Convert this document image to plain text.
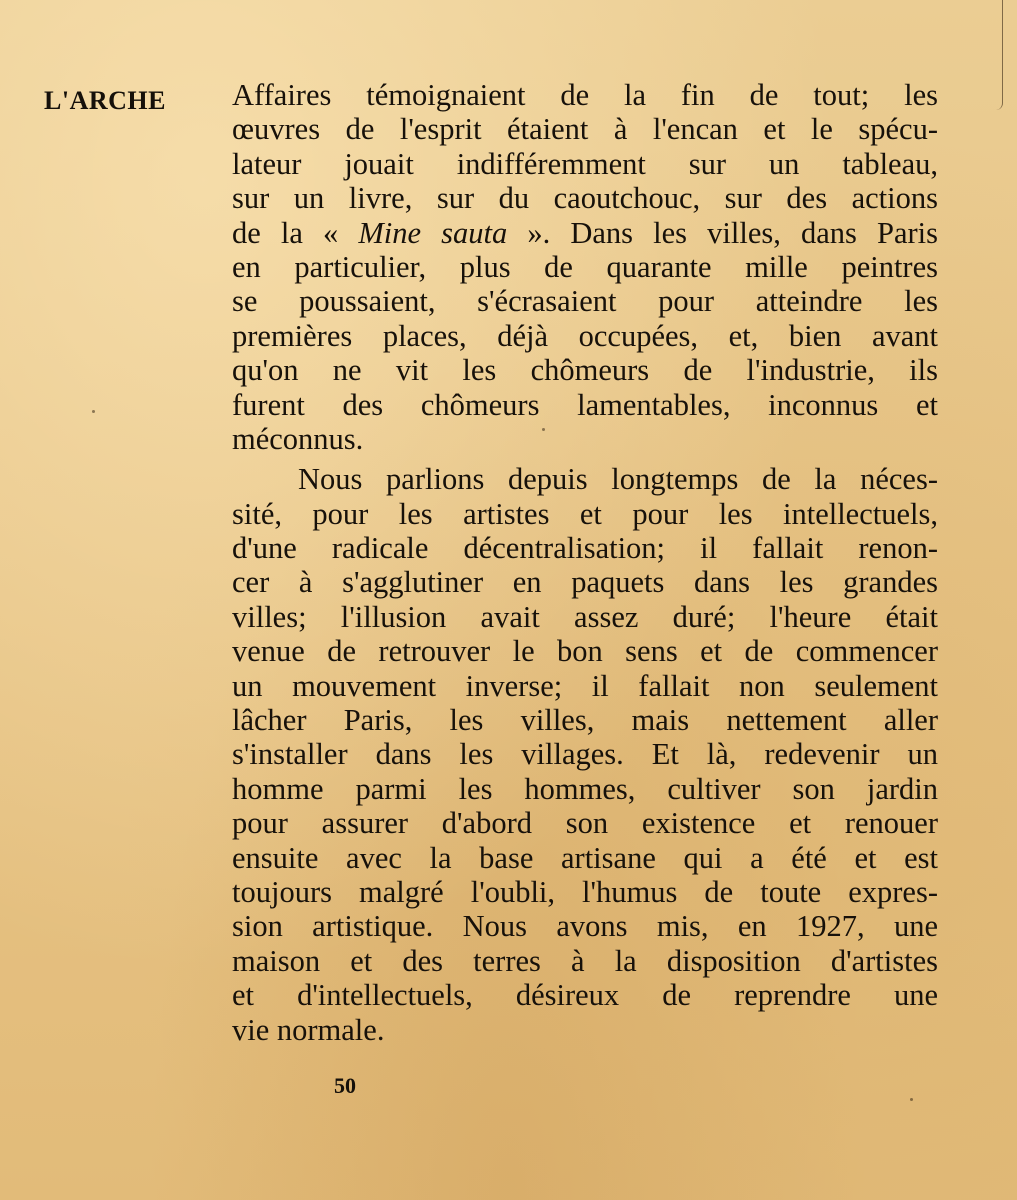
L'ARCHE Affaires témoignaient de la fin de tout; les
œuvres de l'esprit étaient à l'encan et le spécu-
lateur jouait indifféremment sur un tableau,
sur un livre, sur du caoutchouc, sur des actions
de la « Mine sauta ». Dans les villes, dans Paris
en particulier, plus de quarante mille peintres
se poussaient, s'écrasaient pour atteindre les
premières places, déjà occupées, et, bien avant
qu'on ne vit les chômeurs de l'industrie, ils
furent des chômeurs lamentables, inconnus et
méconnus.
Nous parlions depuis longtemps de la néces-
sité, pour les artistes et pour les intellectuels,
d'une radicale décentralisation; il fallait renon-
cer à s'agglutiner en paquets dans les grandes
villes; l'illusion avait assez duré; l'heure était
venue de retrouver le bon sens et de commencer
un mouvement inverse; il fallait non seulement
lâcher Paris, les villes, mais nettement aller
s'installer dans les villages. Et là, redevenir un
homme parmi les hommes, cultiver son jardin
pour assurer d'abord son existence et renouer
ensuite avec la base artisane qui a été et est
toujours malgré l'oubli, l'humus de toute expres-
sion artistique. Nous avons mis, en 1927, une
maison et des terres à la disposition d'artistes
et d'intellectuels, désireux de reprendre une
vie normale.
50
